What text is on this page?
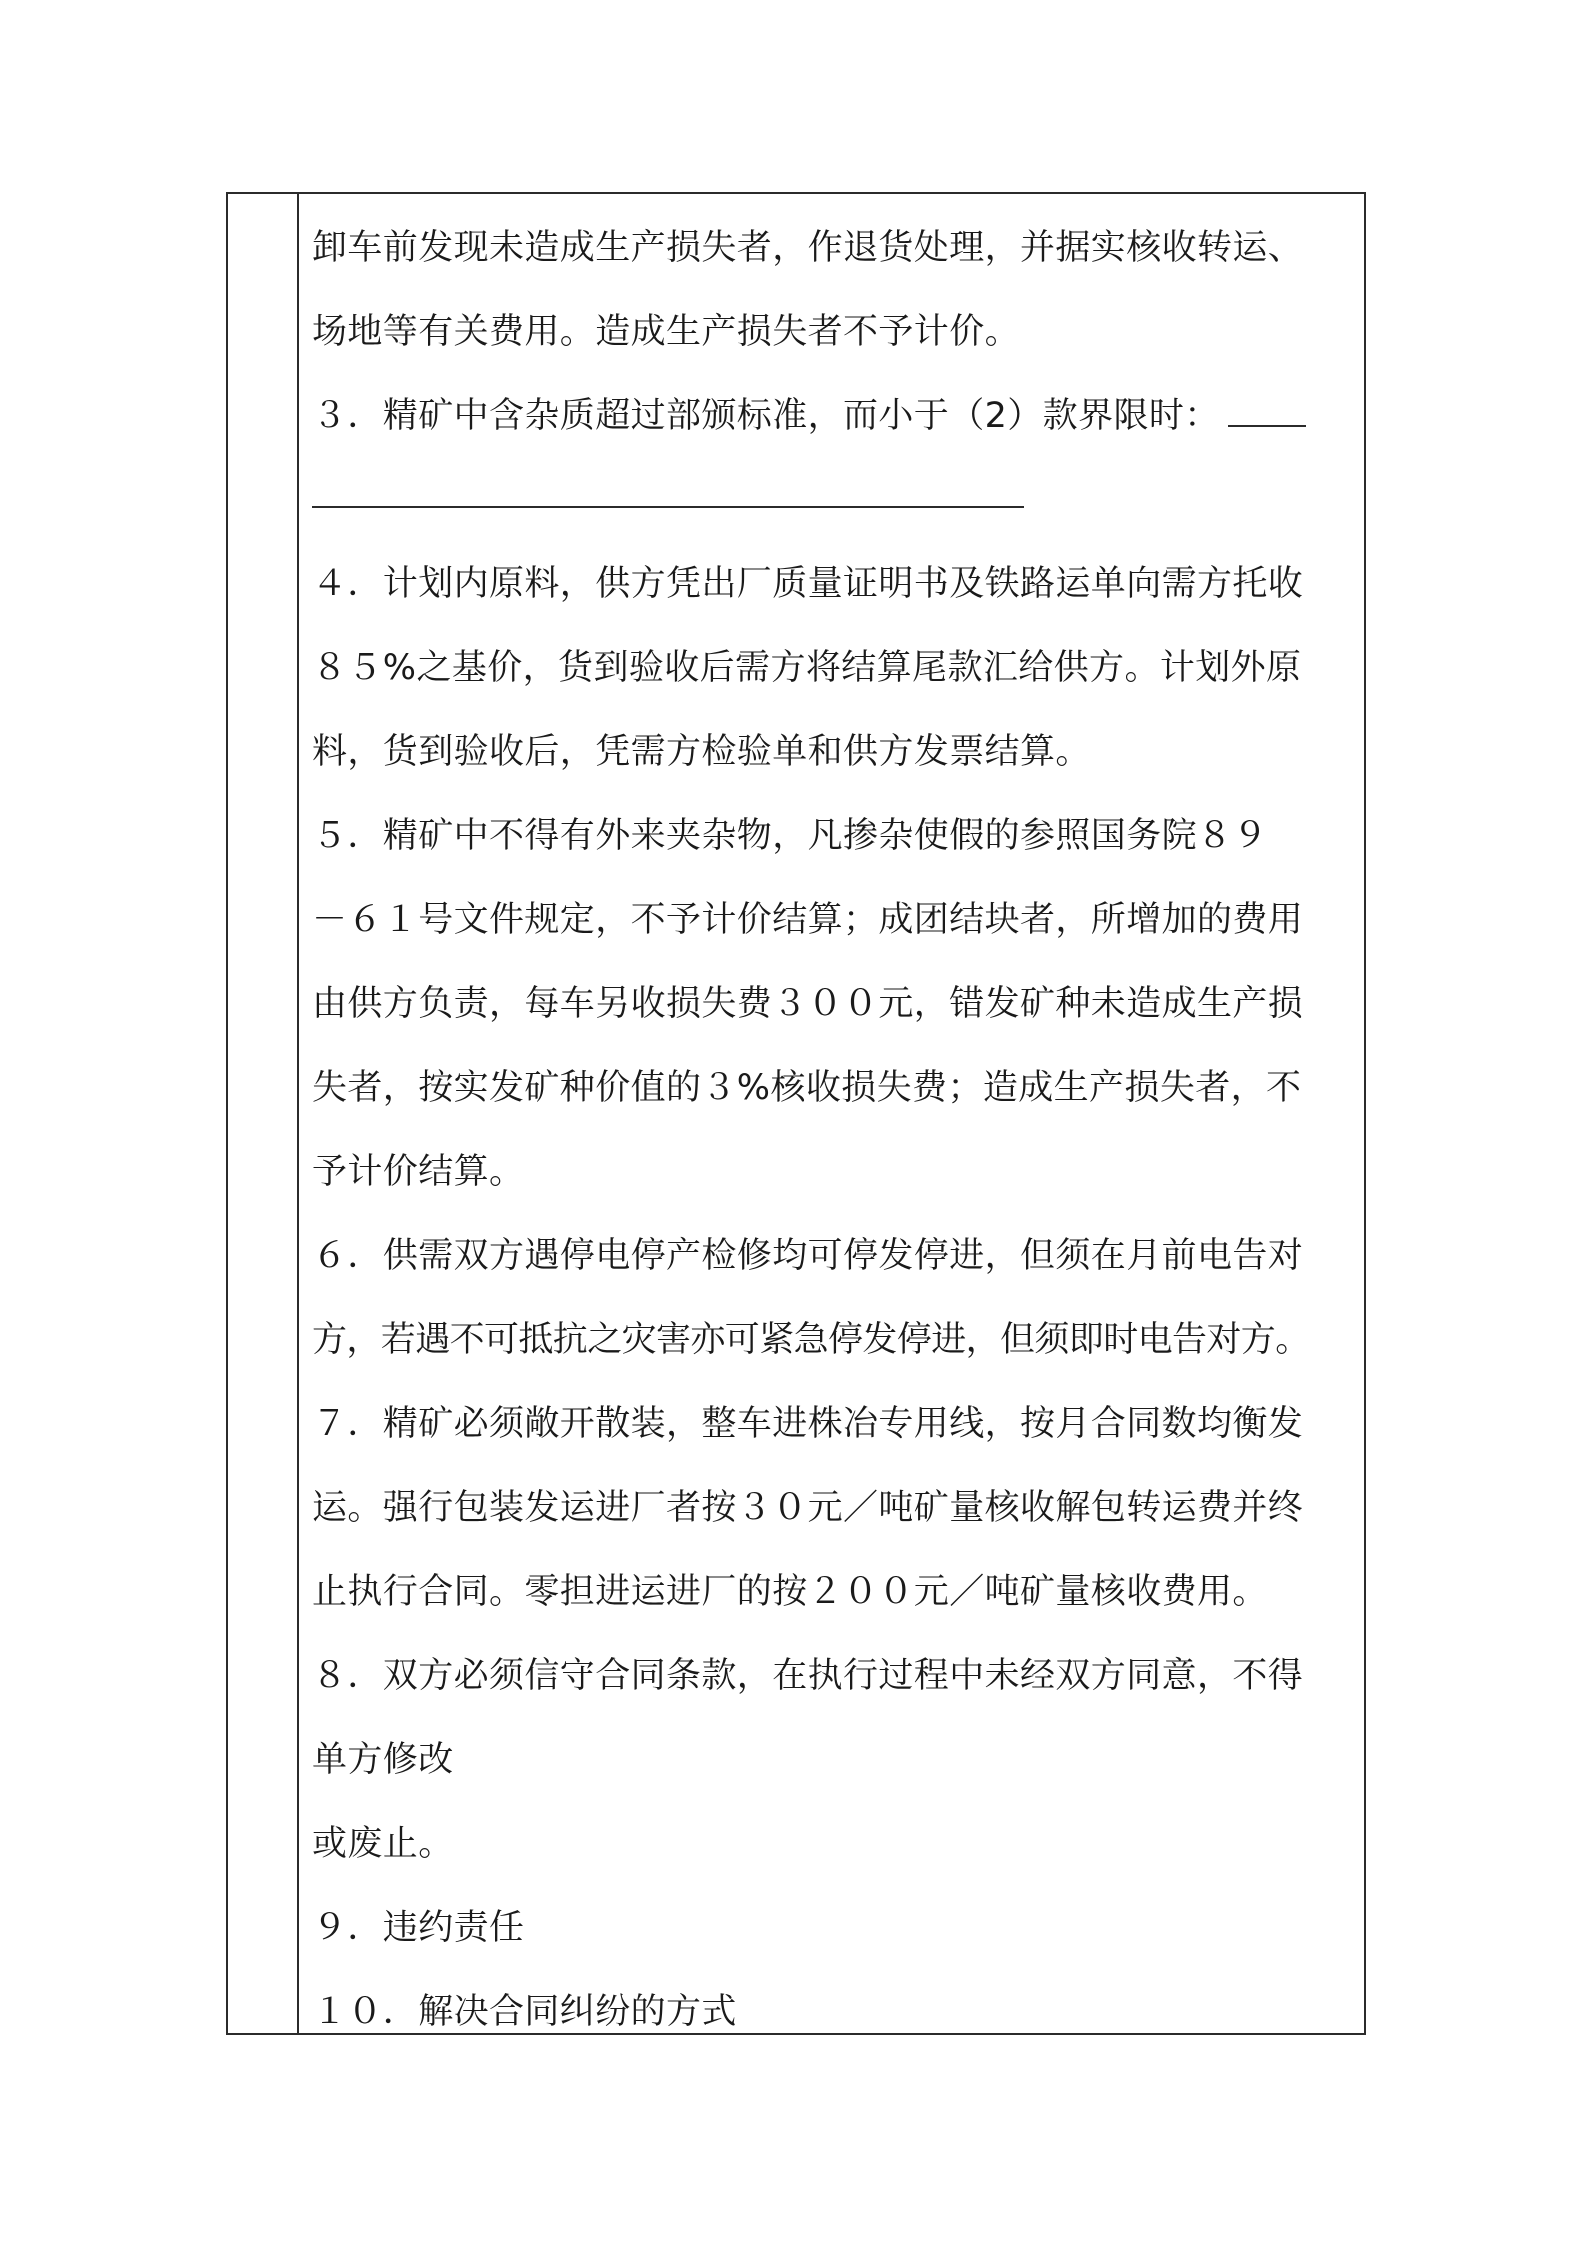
卸车前发现未造成生产损失者，作退货处理，并据实核收转运、
场地等有关费用。造成生产损失者不予计价。
３．精矿中含杂质超过部颁标准，而小于（2）款界限时：
４．计划内原料，供方凭出厂质量证明书及铁路运单向需方托收
８５%之基价，货到验收后需方将结算尾款汇给供方。计划外原
料，货到验收后，凭需方检验单和供方发票结算。
５．精矿中不得有外来夹杂物，凡掺杂使假的参照国务院８９
－６１号文件规定，不予计价结算；成团结块者，所增加的费用
由供方负责，每车另收损失费３００元，错发矿种未造成生产损
失者，按实发矿种价值的３%核收损失费；造成生产损失者，不
予计价结算。
６．供需双方遇停电停产检修均可停发停进，但须在月前电告对
方，若遇不可抵抗之灾害亦可紧急停发停进，但须即时电告对方。
７．精矿必须敞开散装，整车进株冶专用线，按月合同数均衡发
运。强行包装发运进厂者按３０元／吨矿量核收解包转运费并终
止执行合同。零担进运进厂的按２００元／吨矿量核收费用。
８．双方必须信守合同条款，在执行过程中未经双方同意，不得
单方修改
或废止。
９．违约责任
１０．解决合同纠纷的方式
